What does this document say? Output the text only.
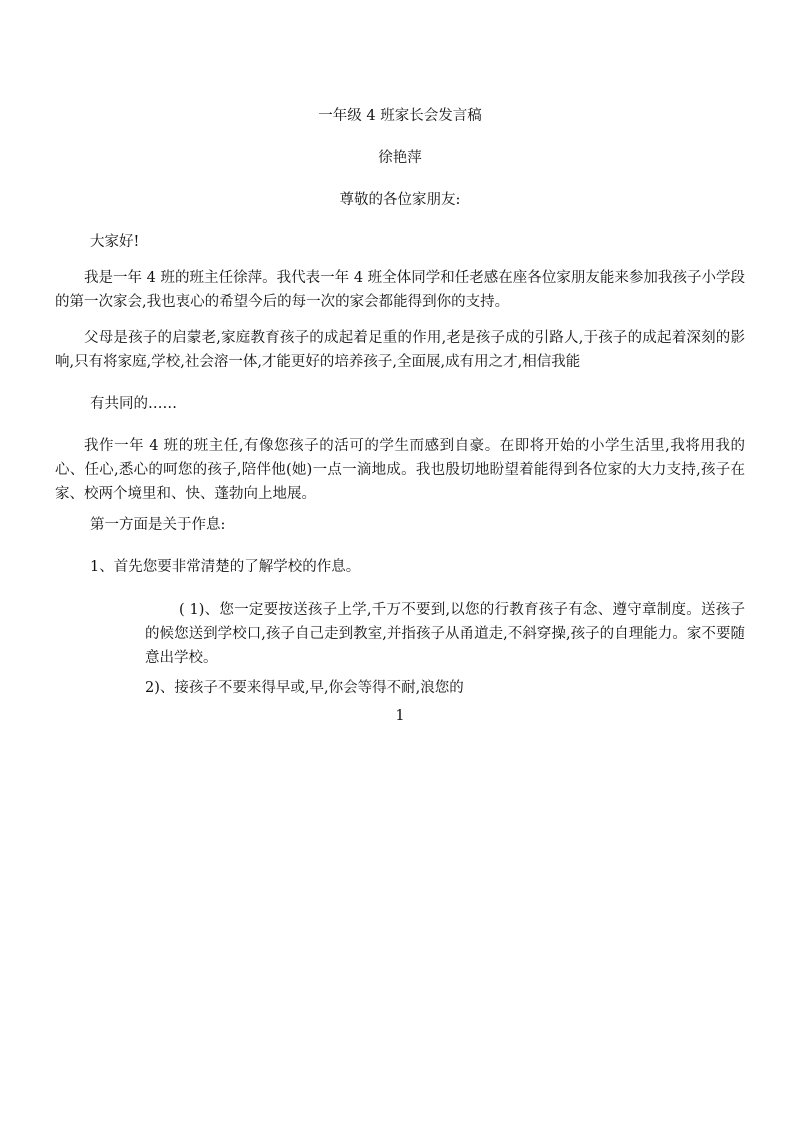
一年级 4 班家长会发言稿
徐艳萍
尊敬的各位家朋友:
大家好!
我是一年 4 班的班主任徐萍。我代表一年 4 班全体同学和任老感在座各位家朋友能来参加我孩子小学段的第一次家会,我也衷心的希望今后的每一次的家会都能得到你的支持。
父母是孩子的启蒙老,家庭教育孩子的成起着足重的作用,老是孩子成的引路人,于孩子的成起着深刻的影响,只有将家庭,学校,社会溶一体,才能更好的培养孩子,全面展,成有用之才,相信我能
有共同的……
我作一年 4 班的班主任,有像您孩子的活可的学生而感到自豪。在即将开始的小学生活里,我将用我的心、任心,悉心的呵您的孩子,陪伴他(她)一点一滴地成。我也殷切地盼望着能得到各位家的大力支持,孩子在家、校两个境里和、快、蓬勃向上地展。
第一方面是关于作息:
1、首先您要非常清楚的了解学校的作息。
( 1)、您一定要按送孩子上学,千万不要到,以您的行教育孩子有念、遵守章制度。送孩子的候您送到学校口,孩子自己走到教室,并指孩子从甬道走,不斜穿操,孩子的自理能力。家不要随意出学校。
2)、接孩子不要来得早或,早,你会等得不耐,浪您的
1
